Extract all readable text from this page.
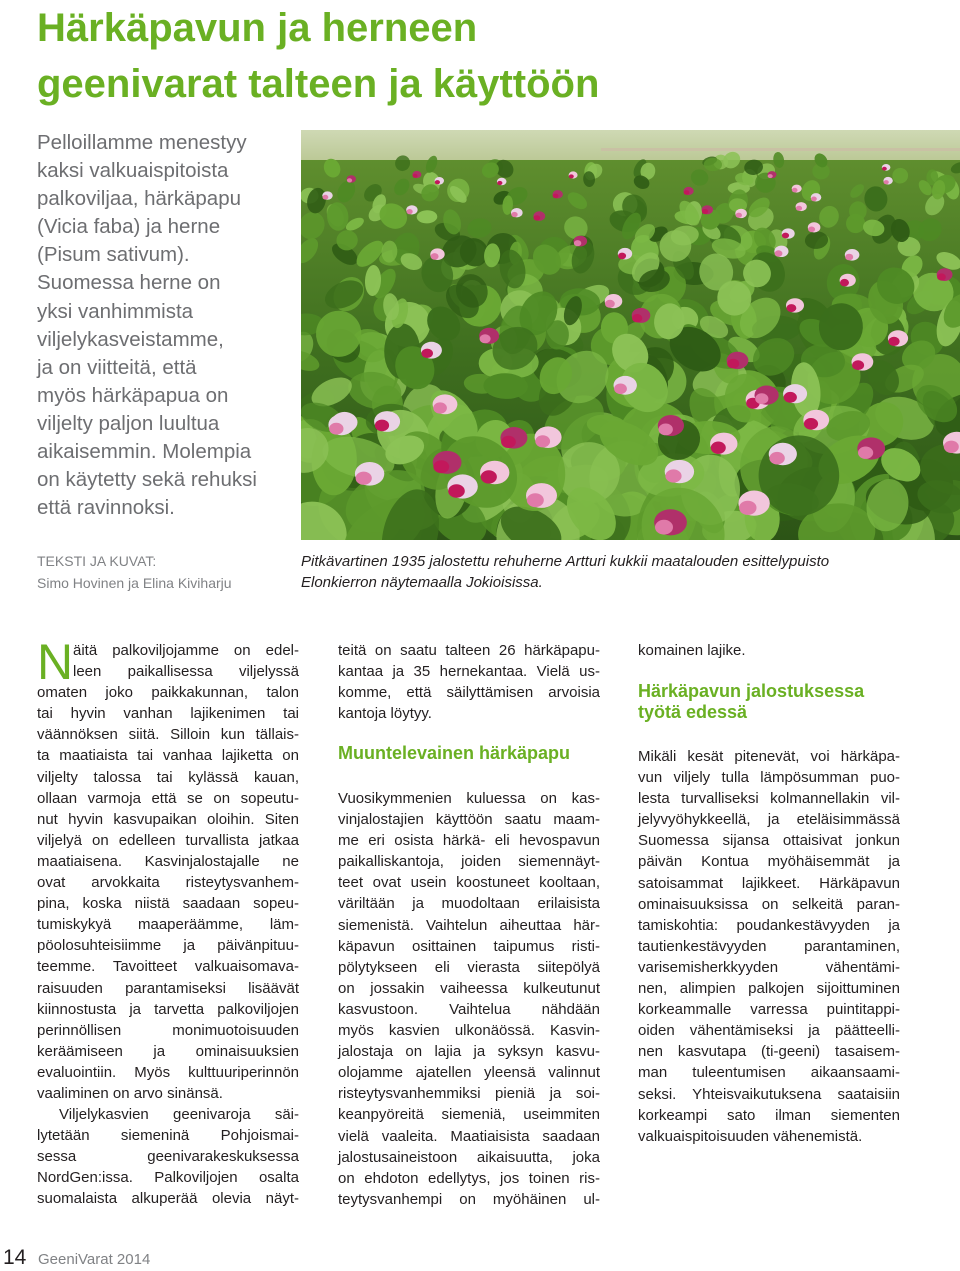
Härkäpavun ja herneen
geenivarat talteen ja käyttöön
Pelloillamme menestyy
kaksi valkuaispitoista
palkoviljaa, härkäpapu
(Vicia faba) ja herne
(Pisum sativum).
Suomessa herne on
yksi vanhimmista
viljelykasveistamme,
ja on viitteitä, että
myös härkäpapua on
viljelty paljon luultua
aikaisemmin. Molempia
on käytetty sekä rehuksi
että ravinnoksi.
TEKSTI JA KUVAT:
Simo Hovinen ja Elina Kiviharju
Pitkävartinen 1935 jalostettu rehuherne Artturi kukkii maatalouden esittelypuisto
Elonkierron näytemaalla Jokioisissa.
N äitä palkoviljojamme on edel-
leen paikallisessa viljelyssä
omaten joko paikkakunnan, talon
tai hyvin vanhan lajikenimen tai
väännöksen siitä. Silloin kun tällais-
ta maatiaista tai vanhaa lajiketta on
viljelty talossa tai kylässä kauan,
ollaan varmoja että se on sopeutu-
nut hyvin kasvupaikan oloihin. Siten
viljelyä on edelleen turvallista jatkaa
maatiaisena. Kasvinjalostajalle ne
ovat arvokkaita risteytysvanhem-
pina, koska niistä saadaan sopeu-
tumiskykyä maaperäämme, läm-
pöolosuhteisiimme ja päivänpituu-
teemme. Tavoitteet valkuaisomava-
raisuuden parantamiseksi lisäävät
kiinnostusta ja tarvetta palkoviljojen
perinnöllisen monimuotoisuuden
keräämiseen ja ominaisuuksien
evaluointiin. Myös kulttuuriperinnön
vaaliminen on arvo sinänsä.
Viljelykasvien geenivaroja säi-
lytetään siemeninä Pohjoismai-
sessa geenivarakeskuksessa
NordGen:issa. Palkoviljojen osalta
suomalaista alkuperää olevia näyt-
teitä on saatu talteen 26 härkäpapu-
kantaa ja 35 hernekantaa. Vielä us-
komme, että säilyttämisen arvoisia
kantoja löytyy.
Muuntelevainen härkäpapu
Vuosikymmenien kuluessa on kas-
vinjalostajien käyttöön saatu maam-
me eri osista härkä- eli hevospavun
paikalliskantoja, joiden siemennäyt-
teet ovat usein koostuneet kooltaan,
väriltään ja muodoltaan erilaisista
siemenistä. Vaihtelun aiheuttaa här-
käpavun osittainen taipumus risti-
pölytykseen eli vierasta siitepölyä
on jossakin vaiheessa kulkeutunut
kasvustoon. Vaihtelua nähdään
myös kasvien ulkonäössä. Kasvin-
jalostaja on lajia ja syksyn kasvu-
olojamme ajatellen yleensä valinnut
risteytysvanhemmiksi pieniä ja soi-
keanpyöreitä siemeniä, useimmiten
vielä vaaleita. Maatiaisista saadaan
jalostusaineistoon aikaisuutta, joka
on ehdoton edellytys, jos toinen ris-
teytysvanhempi on myöhäinen ul-
komainen lajike.
Härkäpavun jalostuksessa
työtä edessä
Mikäli kesät pitenevät, voi härkäpa-
vun viljely tulla lämpösumman puo-
lesta turvalliseksi kolmannellakin vil-
jelyvyöhykkeellä, ja eteläisimmässä
Suomessa sijansa ottaisivat jonkun
päivän Kontua myöhäisemmät ja
satoisammat lajikkeet. Härkäpavun
ominaisuuksissa on selkeitä paran-
tamiskohtia: poudankestävyyden ja
tautienkestävyyden parantaminen,
varisemisherkkyyden vähentämi-
nen, alimpien palkojen sijoittuminen
korkeammalle varressa puintitappi-
oiden vähentämiseksi ja päätteelli-
nen kasvutapa (ti-geeni) tasaisem-
man tuleentumisen aikaansaami-
seksi. Yhteisvaikutuksena saataisiin
korkeampi sato ilman siementen
valkuaispitoisuuden vähenemistä.
14 GeeniVarat 2014
